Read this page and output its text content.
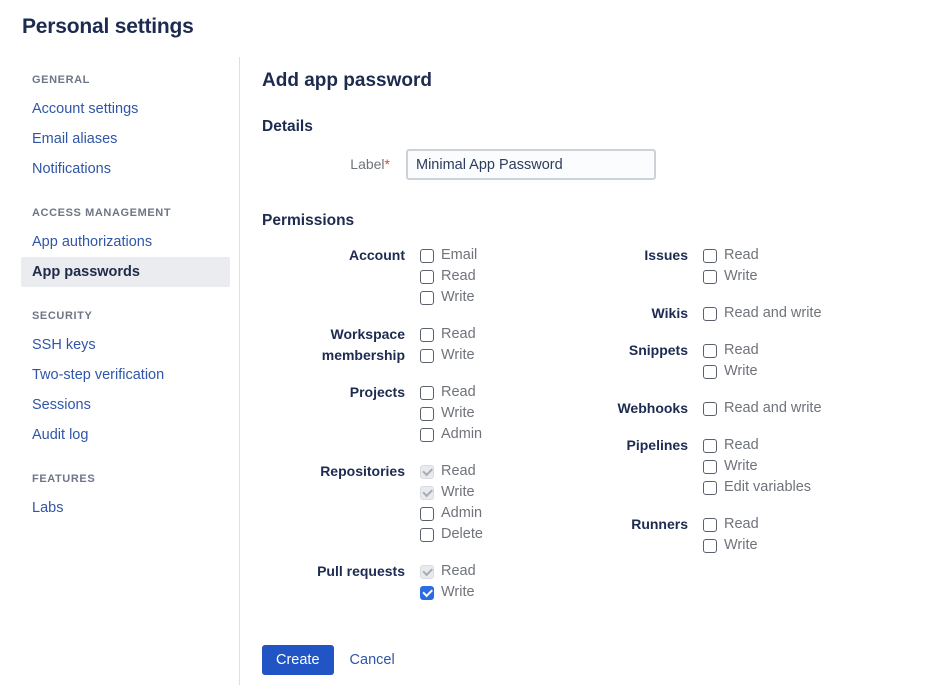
Personal settings
GENERAL
Account settings
Email aliases
Notifications
ACCESS MANAGEMENT
App authorizations
App passwords
SECURITY
SSH keys
Two-step verification
Sessions
Audit log
FEATURES
Labs
Add app password
Details
Label*
Minimal App Password
Permissions
Account Email
Read
Write
Workspace membership
Read
Write
Projects Read
Write
Admin
Repositories Read
Write
Admin
Delete
Pull requests Read
Write
Issues Read
Write
Wikis Read and write
Snippets Read
Write
Webhooks Read and write
Pipelines Read
Write
Edit variables
Runners Read
Write
Create	Cancel
